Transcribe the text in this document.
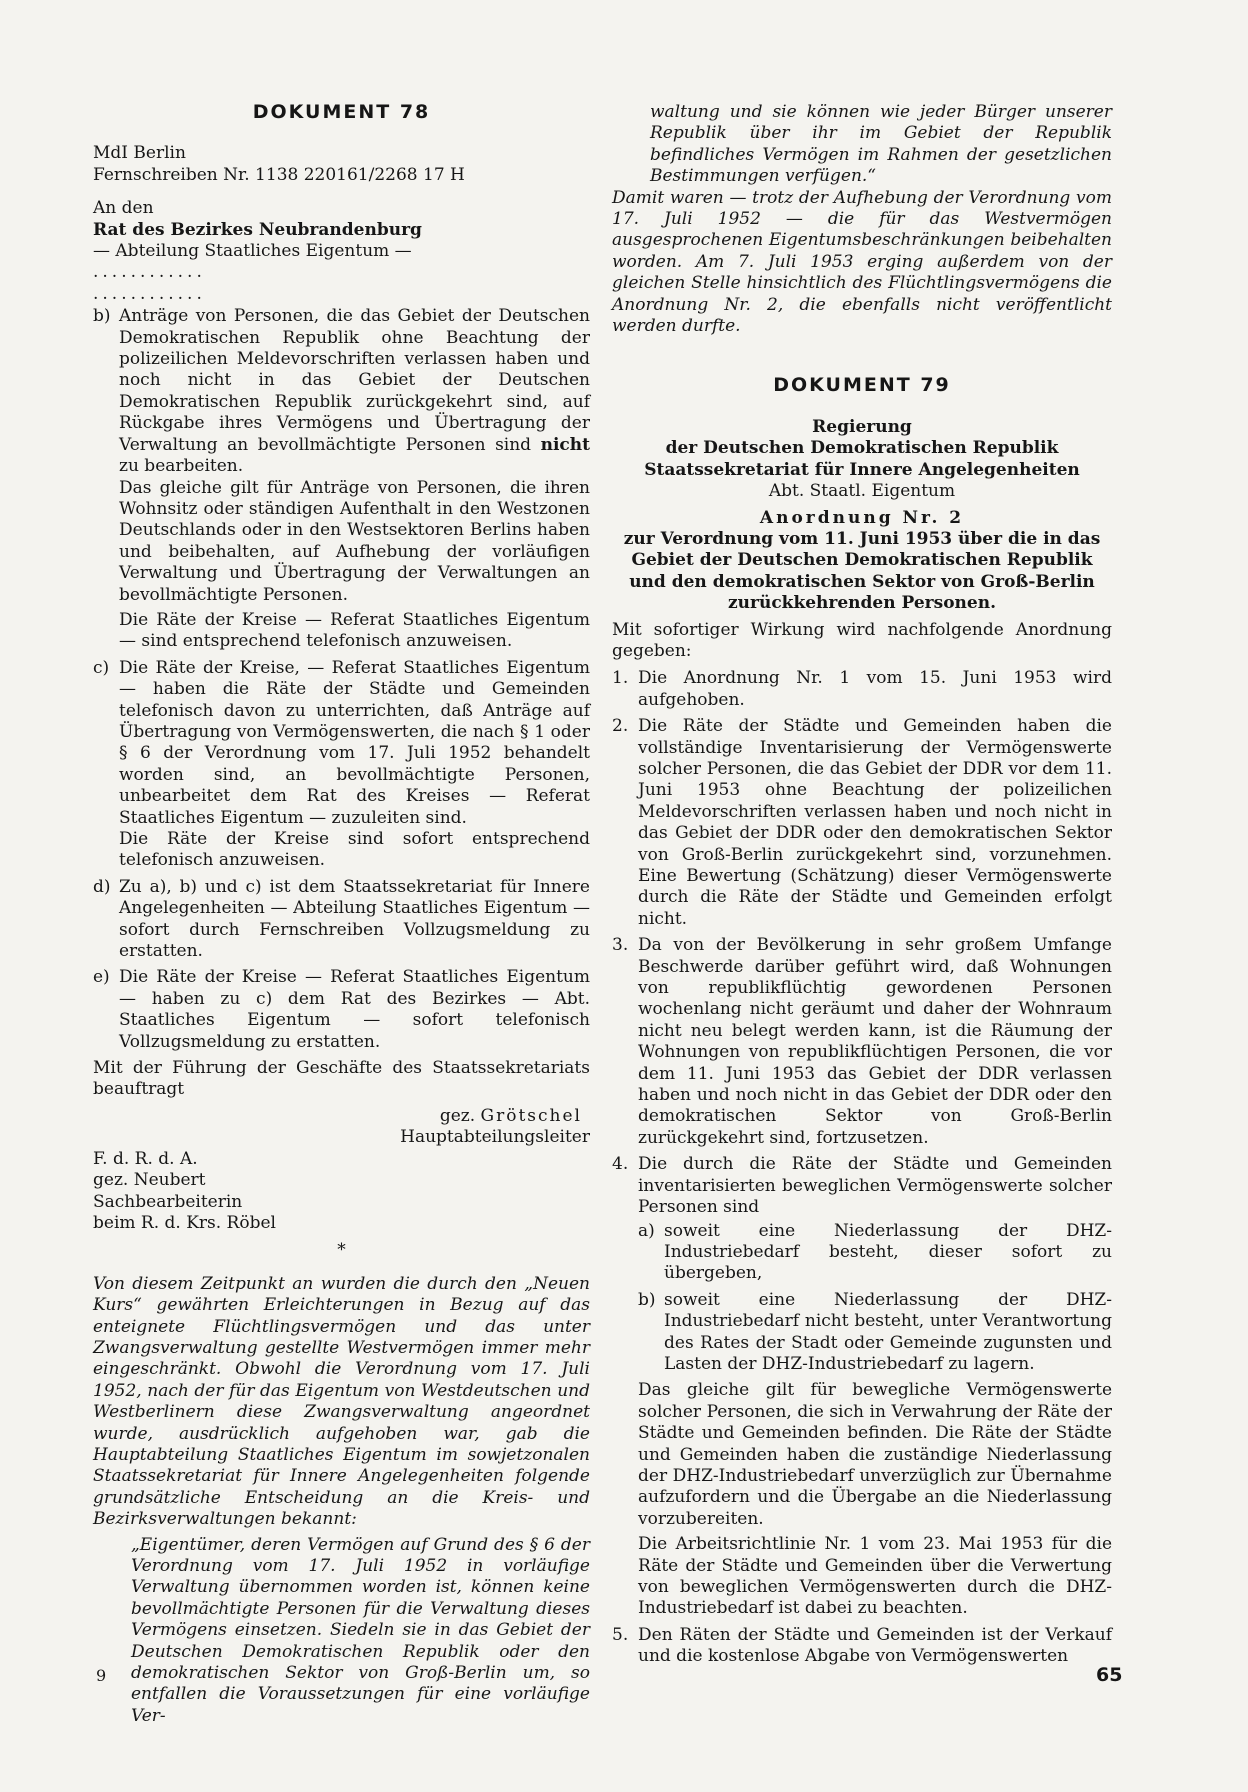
DOKUMENT 78

MdI Berlin

Fernschreiben Nr. 1138 220161/2268 17 H

An den

Rat des Bezirkes Neubrandenburg

— Abteilung Staatliches Eigentum —

............

............

b) Anträge von Personen, die das Gebiet der Deutschen Demokratischen Republik ohne Beachtung der polizeilichen Meldevorschriften verlassen haben und noch nicht in das Gebiet der Deutschen Demokratischen Republik zurückgekehrt sind, auf Rückgabe ihres Vermögens und Übertragung der Verwaltung an bevollmächtigte Personen sind nicht zu bearbeiten.

Das gleiche gilt für Anträge von Personen, die ihren Wohnsitz oder ständigen Aufenthalt in den Westzonen Deutschlands oder in den Westsektoren Berlins haben und beibehalten, auf Aufhebung der vorläufigen Verwaltung und Übertragung der Verwaltungen an bevollmächtigte Personen.

Die Räte der Kreise — Referat Staatliches Eigentum — sind entsprechend telefonisch anzuweisen.

c) Die Räte der Kreise, — Referat Staatliches Eigentum — haben die Räte der Städte und Gemeinden telefonisch davon zu unterrichten, daß Anträge auf Übertragung von Vermögenswerten, die nach § 1 oder § 6 der Verordnung vom 17. Juli 1952 behandelt worden sind, an bevollmächtigte Personen, unbearbeitet dem Rat des Kreises — Referat Staatliches Eigentum — zuzuleiten sind.

Die Räte der Kreise sind sofort entsprechend telefonisch anzuweisen.

d) Zu a), b) und c) ist dem Staatssekretariat für Innere Angelegenheiten — Abteilung Staatliches Eigentum — sofort durch Fernschreiben Vollzugsmeldung zu erstatten.

e) Die Räte der Kreise — Referat Staatliches Eigentum — haben zu c) dem Rat des Bezirkes — Abt. Staatliches Eigentum — sofort telefonisch Vollzugsmeldung zu erstatten.

Mit der Führung der Geschäfte des Staatssekretariats beauftragt

gez. Grötschel

Hauptabteilungsleiter

F. d. R. d. A.

gez. Neubert

Sachbearbeiterin

beim R. d. Krs. Röbel

*

Von diesem Zeitpunkt an wurden die durch den „Neuen Kurs“ gewährten Erleichterungen in Bezug auf das enteignete Flüchtlingsvermögen und das unter Zwangsverwaltung gestellte Westvermögen immer mehr eingeschränkt. Obwohl die Verordnung vom 17. Juli 1952, nach der für das Eigentum von Westdeutschen und Westberlinern diese Zwangsverwaltung angeordnet wurde, ausdrücklich aufgehoben war, gab die Hauptabteilung Staatliches Eigentum im sowjetzonalen Staatssekretariat für Innere Angelegenheiten folgende grundsätzliche Entscheidung an die Kreis- und Bezirksverwaltungen bekannt:

„Eigentümer, deren Vermögen auf Grund des § 6 der Verordnung vom 17. Juli 1952 in vorläufige Verwaltung übernommen worden ist, können keine bevollmächtigte Personen für die Verwaltung dieses Vermögens einsetzen. Siedeln sie in das Gebiet der Deutschen Demokratischen Republik oder den demokratischen Sektor von Groß-Berlin um, so entfallen die Voraussetzungen für eine vorläufige Ver-

waltung und sie können wie jeder Bürger unserer Republik über ihr im Gebiet der Republik befindliches Vermögen im Rahmen der gesetzlichen Bestimmungen verfügen.“

Damit waren — trotz der Aufhebung der Verordnung vom 17. Juli 1952 — die für das Westvermögen ausgesprochenen Eigentumsbeschränkungen beibehalten worden. Am 7. Juli 1953 erging außerdem von der gleichen Stelle hinsichtlich des Flüchtlingsvermögens die Anordnung Nr. 2, die ebenfalls nicht veröffentlicht werden durfte.

DOKUMENT 79

Regierung

der Deutschen Demokratischen Republik

Staatssekretariat für Innere Angelegenheiten

Abt. Staatl. Eigentum

Anordnung Nr. 2

zur Verordnung vom 11. Juni 1953 über die in das Gebiet der Deutschen Demokratischen Republik und den demokratischen Sektor von Groß-Berlin zurückkehrenden Personen.

Mit sofortiger Wirkung wird nachfolgende Anordnung gegeben:

1. Die Anordnung Nr. 1 vom 15. Juni 1953 wird aufgehoben.

2. Die Räte der Städte und Gemeinden haben die vollständige Inventarisierung der Vermögenswerte solcher Personen, die das Gebiet der DDR vor dem 11. Juni 1953 ohne Beachtung der polizeilichen Meldevorschriften verlassen haben und noch nicht in das Gebiet der DDR oder den demokratischen Sektor von Groß-Berlin zurückgekehrt sind, vorzunehmen. Eine Bewertung (Schätzung) dieser Vermögenswerte durch die Räte der Städte und Gemeinden erfolgt nicht.

3. Da von der Bevölkerung in sehr großem Umfange Beschwerde darüber geführt wird, daß Wohnungen von republikflüchtig gewordenen Personen wochenlang nicht geräumt und daher der Wohnraum nicht neu belegt werden kann, ist die Räumung der Wohnungen von republikflüchtigen Personen, die vor dem 11. Juni 1953 das Gebiet der DDR verlassen haben und noch nicht in das Gebiet der DDR oder den demokratischen Sektor von Groß-Berlin zurückgekehrt sind, fortzusetzen.

4. Die durch die Räte der Städte und Gemeinden inventarisierten beweglichen Vermögenswerte solcher Personen sind

a) soweit eine Niederlassung der DHZ-Industriebedarf besteht, dieser sofort zu übergeben,

b) soweit eine Niederlassung der DHZ-Industriebedarf nicht besteht, unter Verantwortung des Rates der Stadt oder Gemeinde zugunsten und Lasten der DHZ-Industriebedarf zu lagern.

Das gleiche gilt für bewegliche Vermögenswerte solcher Personen, die sich in Verwahrung der Räte der Städte und Gemeinden befinden. Die Räte der Städte und Gemeinden haben die zuständige Niederlassung der DHZ-Industriebedarf unverzüglich zur Übernahme aufzufordern und die Übergabe an die Niederlassung vorzubereiten.

Die Arbeitsrichtlinie Nr. 1 vom 23. Mai 1953 für die Räte der Städte und Gemeinden über die Verwertung von beweglichen Vermögenswerten durch die DHZ-Industriebedarf ist dabei zu beachten.

5. Den Räten der Städte und Gemeinden ist der Verkauf und die kostenlose Abgabe von Vermögenswerten

9	65
